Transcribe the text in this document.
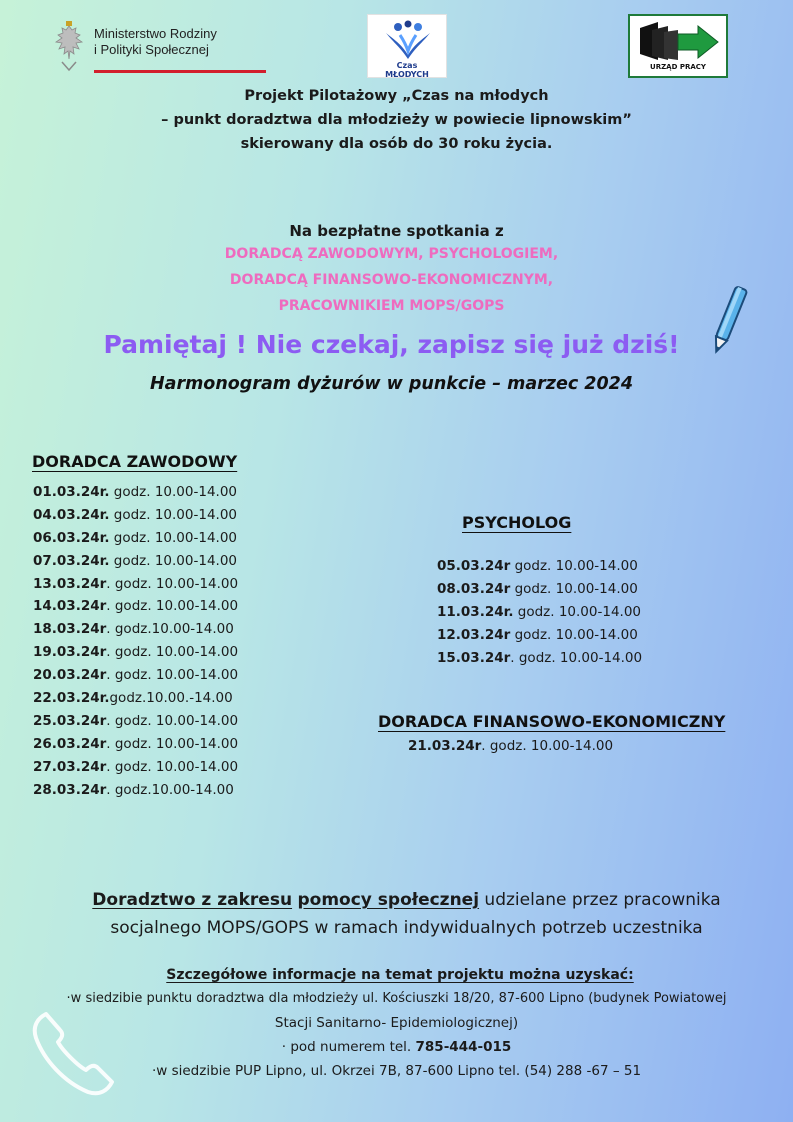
Ministerstwo Rodziny
i Polityki Społecznej
Czas
MŁODYCH
URZĄD PRACY
Projekt Pilotażowy „Czas na młodych
– punkt doradztwa dla młodzieży w powiecie lipnowskim”
skierowany dla osób do 30 roku życia.
Na bezpłatne spotkania z
DORADCĄ ZAWODOWYM, PSYCHOLOGIEM,
DORADCĄ FINANSOWO-EKONOMICZNYM,
PRACOWNIKIEM MOPS/GOPS
Pamiętaj ! Nie czekaj, zapisz się już dziś!
Harmonogram dyżurów w punkcie – marzec 2024
DORADCA ZAWODOWY
01.03.24r. godz. 10.00-14.00
04.03.24r. godz. 10.00-14.00
06.03.24r. godz. 10.00-14.00
07.03.24r. godz. 10.00-14.00
13.03.24r. godz. 10.00-14.00
14.03.24r. godz. 10.00-14.00
18.03.24r. godz.10.00-14.00
19.03.24r. godz. 10.00-14.00
20.03.24r. godz. 10.00-14.00
22.03.24r.godz.10.00.-14.00
25.03.24r. godz. 10.00-14.00
26.03.24r. godz. 10.00-14.00
27.03.24r. godz. 10.00-14.00
28.03.24r. godz.10.00-14.00
PSYCHOLOG
05.03.24r godz. 10.00-14.00
08.03.24r godz. 10.00-14.00
11.03.24r. godz. 10.00-14.00
12.03.24r godz. 10.00-14.00
15.03.24r. godz. 10.00-14.00
DORADCA FINANSOWO-EKONOMICZNY
21.03.24r. godz. 10.00-14.00
Doradztwo z zakresu pomocy społecznej udzielane przez pracownika
socjalnego MOPS/GOPS w ramach indywidualnych potrzeb uczestnika
Szczegółowe informacje na temat projektu można uzyskać:
·w siedzibie punktu doradztwa dla młodzieży ul. Kościuszki 18/20, 87-600 Lipno (budynek Powiatowej
Stacji Sanitarno- Epidemiologicznej)
· pod numerem tel. 785-444-015
·w siedzibie PUP Lipno, ul. Okrzei 7B, 87-600 Lipno tel. (54) 288 -67 – 51
